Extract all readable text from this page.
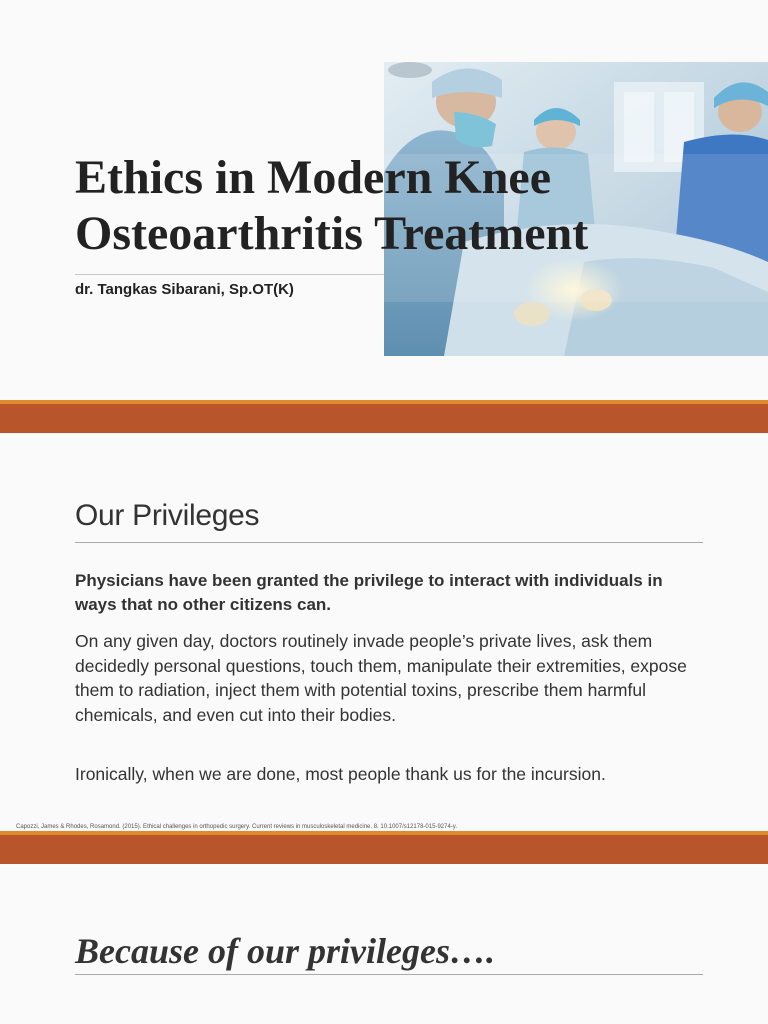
Ethics in Modern Knee
Osteoarthritis Treatment
dr. Tangkas Sibarani, Sp.OT(K)
Our Privileges

Physicians have been granted the privilege to interact with individuals in ways that no other citizens can.

On any given day, doctors routinely invade people’s private lives, ask them decidedly personal questions, touch them, manipulate their extremities, expose them to radiation, inject them with potential toxins, prescribe them harmful chemicals, and even cut into their bodies.

Ironically, when we are done, most people thank us for the incursion.

Capozzi, James & Rhodes, Rosamond. (2015). Ethical challenges in orthopedic surgery. Current reviews in musculoskeletal medicine. 8. 10.1007/s12178-015-9274-y.

Because of our privileges….
